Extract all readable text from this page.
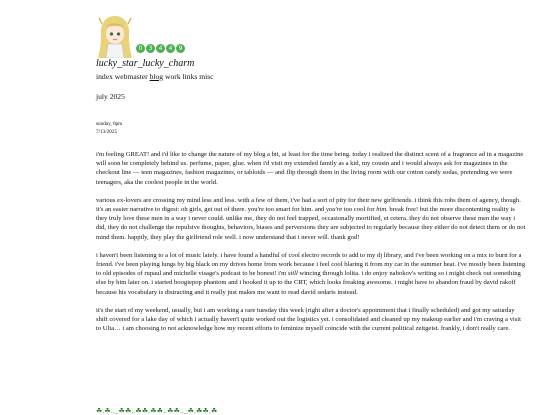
0	3	4	4	9
lucky_star_lucky_charm
index webmaster blog work links misc
july 2025
sunday, 6pm
7/13/2025

i'm feeling GREAT! and i'd like to change the nature of my blog a bit, at least for the time being. today i realized the distinct scent of a fragrance ad in a magazine will soon be completely behind us. perfume, paper, glue. when i'd visit my extended family as a kid, my cousin and i would always ask for magazines in the checkout line — teen magazines, fashion magazines, or tabloids — and flip through them in the living room with our cotton candy sodas, pretending we were teenagers, aka the coolest people in the world.

various ex-lovers are crossing my mind less and less. with a few of them, i've had a sort of pity for their new girlfriends. i think this robs them of agency, though. it's an easier narrative to digest: oh girls, get out of there. you're too smart for him. and you're too cool for him. break free! but the more discontenting reality is they truly love these men in a way i never could. unlike me, they do not feel trapped, occasionally mortified, et cetera. they do not observe these men the way i did, they do not challenge the repulsive thoughts, behaviors, biases and perversions they are subjected to regularly because they either do not detect them or do not mind them. happily, they play the girlfriend role well. i now understand that i never will. thank god!

i haven't been listening to a lot of music lately. i have found a handful of cool electro records to add to my dj library, and i've been working on a mix to burn for a friend. i've been playing lungs by big black on my drives home from work because i feel cool blaring it from my car in the summer heat. i've mostly been listening to old episodes of rupaul and michelle visage's podcast to be honest! i'm still wincing through lolita. i do enjoy nabokov's writing so i might check out something else by him later on. i started boogiepop phantom and i hooked it up to the CRT, which looks freaking awesome. i might have to abandon fraud by david rakoff because his vocabulary is distracting and it really just makes me want to read david sedaris instead.

it's the start of my weekend, usually, but i am working a rare tuesday this week (right after a doctor's appointment that i finally scheduled) and got my saturday shift covered for a lake day of which i actually haven't quite worked out the logistics yet. i consolidated and cleaned up my makeup earlier and i'm craving a visit to Ulta… i am choosing to not acknowledge how my recent efforts to feminize myself coincide with the current political zeitgeist. frankly, i don't really care.

☘.☘.._☘☘..☘☘.☘☘..☘☘.._☘.☘☘.☘
